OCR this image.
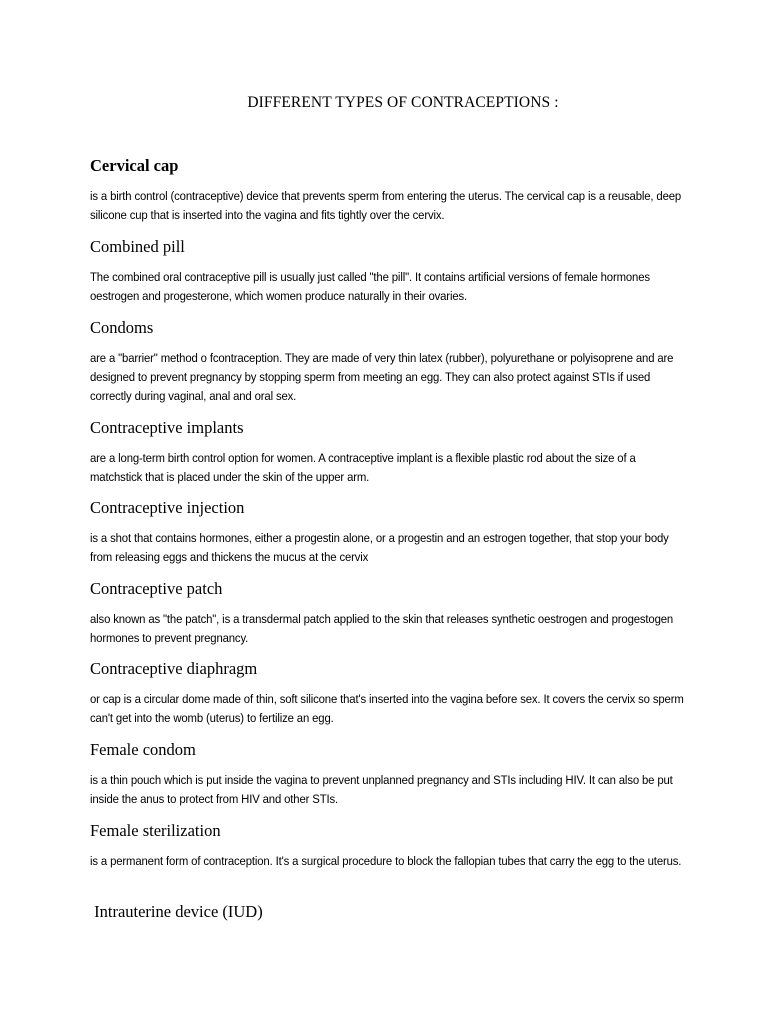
DIFFERENT TYPES OF CONTRACEPTIONS :
Cervical cap

is a birth control (contraceptive) device that prevents sperm from entering the uterus. The cervical cap is a reusable, deep silicone cup that is inserted into the vagina and fits tightly over the cervix.

Combined pill

The combined oral contraceptive pill is usually just called "the pill". It contains artificial versions of female hormones oestrogen and progesterone, which women produce naturally in their ovaries.

Condoms

are a "barrier" method o fcontraception. They are made of very thin latex (rubber), polyurethane or polyisoprene and are designed to prevent pregnancy by stopping sperm from meeting an egg. They can also protect against STIs if used correctly during vaginal, anal and oral sex.

Contraceptive implants

are a long-term birth control option for women. A contraceptive implant is a flexible plastic rod about the size of a matchstick that is placed under the skin of the upper arm.

Contraceptive injection

is a shot that contains hormones, either a progestin alone, or a progestin and an estrogen together, that stop your body from releasing eggs and thickens the mucus at the cervix

Contraceptive patch

also known as "the patch", is a transdermal patch applied to the skin that releases synthetic oestrogen and progestogen hormones to prevent pregnancy.

Contraceptive diaphragm

or cap is a circular dome made of thin, soft silicone that's inserted into the vagina before sex. It covers the cervix so sperm can't get into the womb (uterus) to fertilize an egg.

Female condom

is a thin pouch which is put inside the vagina to prevent unplanned pregnancy and STIs including HIV. It can also be put inside the anus to protect from HIV and other STIs.

Female sterilization

is a permanent form of contraception. It's a surgical procedure to block the fallopian tubes that carry the egg to the uterus.

Intrauterine device (IUD)
